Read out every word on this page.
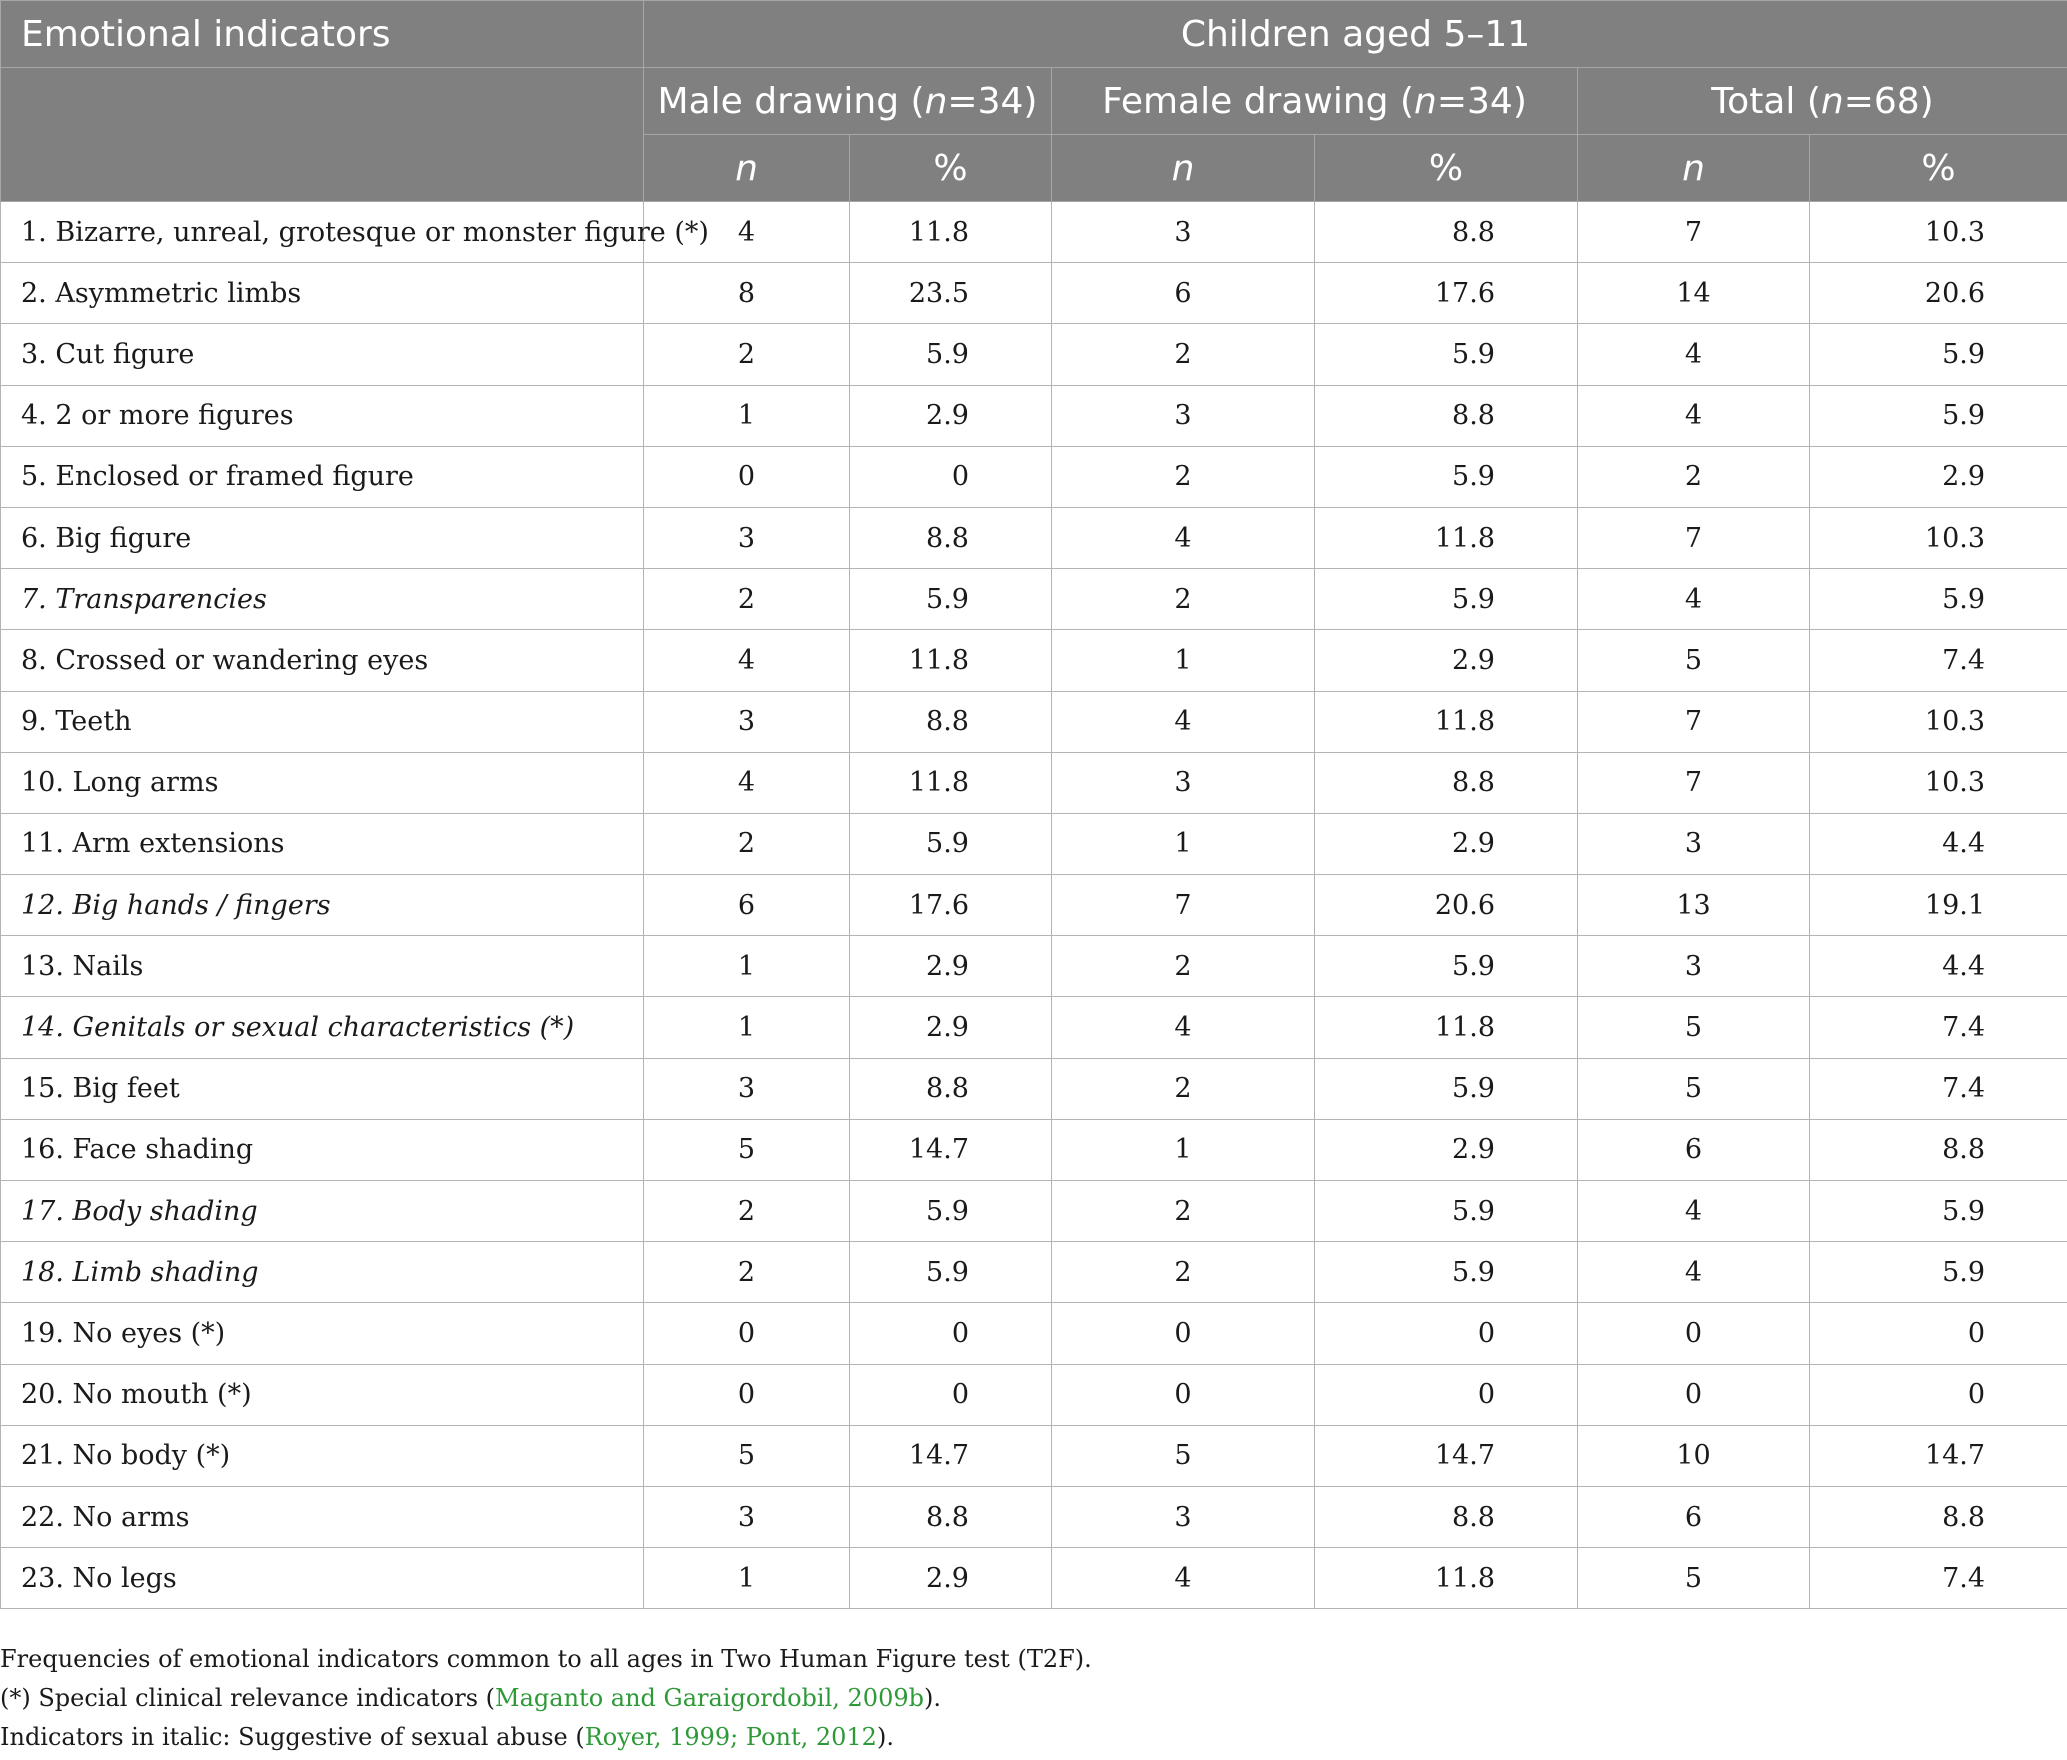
Emotional indicators	Children aged 5–11					
	Male drawing (n=34)		Female drawing (n=34)		Total (n=68)	
	n	%	n	%	n	%
1. Bizarre, unreal, grotesque or monster figure (*)	4	11.8	3	8.8	7	10.3
2. Asymmetric limbs	8	23.5	6	17.6	14	20.6
3. Cut figure	2	5.9	2	5.9	4	5.9
4. 2 or more figures	1	2.9	3	8.8	4	5.9
5. Enclosed or framed figure	0	0	2	5.9	2	2.9
6. Big figure	3	8.8	4	11.8	7	10.3
7. Transparencies	2	5.9	2	5.9	4	5.9
8. Crossed or wandering eyes	4	11.8	1	2.9	5	7.4
9. Teeth	3	8.8	4	11.8	7	10.3
10. Long arms	4	11.8	3	8.8	7	10.3
11. Arm extensions	2	5.9	1	2.9	3	4.4
12. Big hands / fingers	6	17.6	7	20.6	13	19.1
13. Nails	1	2.9	2	5.9	3	4.4
14. Genitals or sexual characteristics (*)	1	2.9	4	11.8	5	7.4
15. Big feet	3	8.8	2	5.9	5	7.4
16. Face shading	5	14.7	1	2.9	6	8.8
17. Body shading	2	5.9	2	5.9	4	5.9
18. Limb shading	2	5.9	2	5.9	4	5.9
19. No eyes (*)	0	0	0	0	0	0
20. No mouth (*)	0	0	0	0	0	0
21. No body (*)	5	14.7	5	14.7	10	14.7
22. No arms	3	8.8	3	8.8	6	8.8
23. No legs	1	2.9	4	11.8	5	7.4

Frequencies of emotional indicators common to all ages in Two Human Figure test (T2F).

(*) Special clinical relevance indicators (Maganto and Garaigordobil, 2009b).

Indicators in italic: Suggestive of sexual abuse (Royer, 1999; Pont, 2012).
